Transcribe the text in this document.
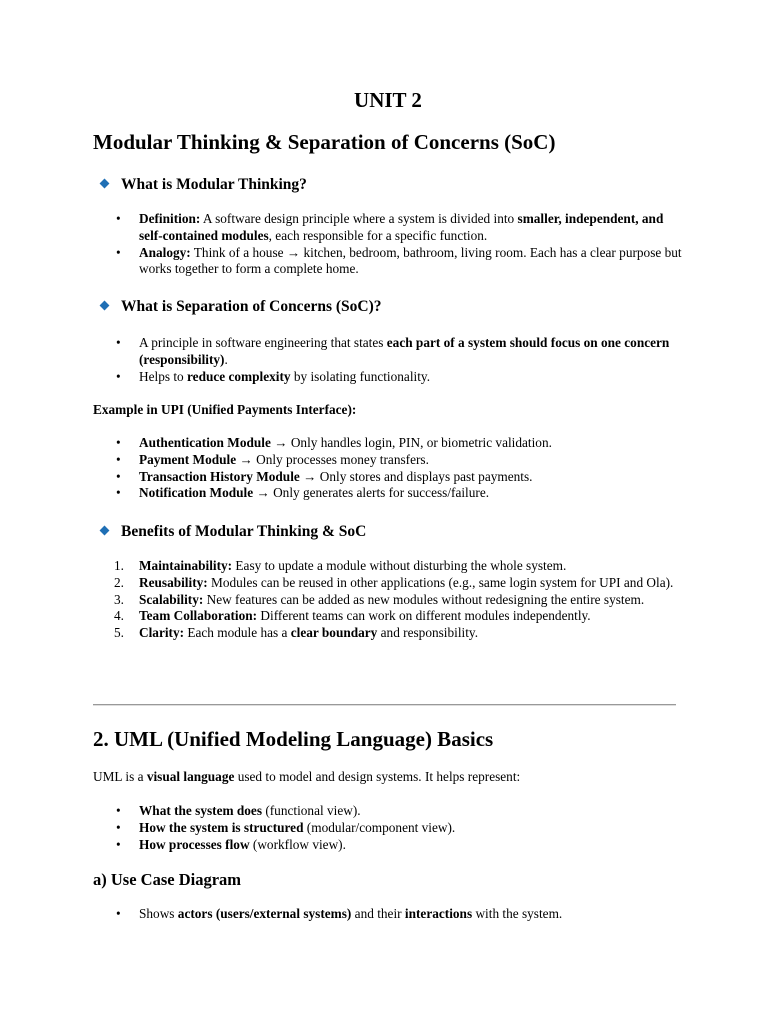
UNIT 2
Modular Thinking & Separation of Concerns (SoC)
What is Modular Thinking?
• Definition: A software design principle where a system is divided into smaller, independent, and self-contained modules, each responsible for a specific function.
• Analogy: Think of a house → kitchen, bedroom, bathroom, living room. Each has a clear purpose but works together to form a complete home.
What is Separation of Concerns (SoC)?
• A principle in software engineering that states each part of a system should focus on one concern (responsibility).
• Helps to reduce complexity by isolating functionality.

Example in UPI (Unified Payments Interface):

• Authentication Module → Only handles login, PIN, or biometric validation.
• Payment Module → Only processes money transfers.
• Transaction History Module → Only stores and displays past payments.
• Notification Module → Only generates alerts for success/failure.
Benefits of Modular Thinking & SoC
1. Maintainability: Easy to update a module without disturbing the whole system.
2. Reusability: Modules can be reused in other applications (e.g., same login system for UPI and Ola).
3. Scalability: New features can be added as new modules without redesigning the entire system.
4. Team Collaboration: Different teams can work on different modules independently.
5. Clarity: Each module has a clear boundary and responsibility.
2. UML (Unified Modeling Language) Basics

UML is a visual language used to model and design systems. It helps represent:

• What the system does (functional view).
• How the system is structured (modular/component view).
• How processes flow (workflow view).
a) Use Case Diagram
• Shows actors (users/external systems) and their interactions with the system.
